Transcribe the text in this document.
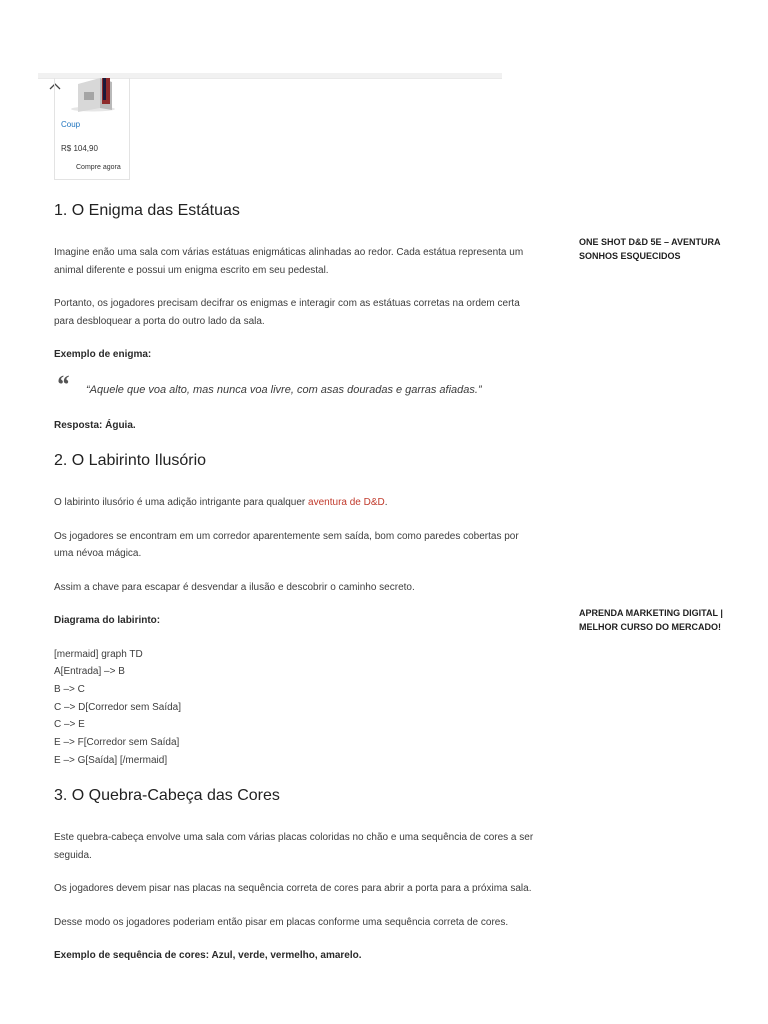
Coup
R$ 104,90
Compre agora
1. O Enigma das Estátuas

Imagine enão uma sala com várias estátuas enigmáticas alinhadas ao redor. Cada estátua representa um animal diferente e possui um enigma escrito em seu pedestal.

Portanto, os jogadores precisam decifrar os enigmas e interagir com as estátuas corretas na ordem certa para desbloquear a porta do outro lado da sala.

Exemplo de enigma:

“ “Aquele que voa alto, mas nunca voa livre, com asas douradas e garras afiadas.”

Resposta: Águia.

2. O Labirinto Ilusório

O labirinto ilusório é uma adição intrigante para qualquer aventura de D&D.

Os jogadores se encontram em um corredor aparentemente sem saída, bom como paredes cobertas por uma névoa mágica.

Assim a chave para escapar é desvendar a ilusão e descobrir o caminho secreto.

Diagrama do labirinto:

[mermaid] graph TD
A[Entrada] –> B
B –> C
C –> D[Corredor sem Saída]
C –> E
E –> F[Corredor sem Saída]
E –> G[Saída] [/mermaid]
3. O Quebra-Cabeça das Cores

Este quebra-cabeça envolve uma sala com várias placas coloridas no chão e uma sequência de cores a ser seguida.

Os jogadores devem pisar nas placas na sequência correta de cores para abrir a porta para a próxima sala.

Desse modo os jogadores poderiam então pisar em placas conforme uma sequência correta de cores.

Exemplo de sequência de cores: Azul, verde, vermelho, amarelo.

ONE SHOT D&D 5E – AVENTURA
SONHOS ESQUECIDOS
APRENDA MARKETING DIGITAL |
MELHOR CURSO DO MERCADO!
